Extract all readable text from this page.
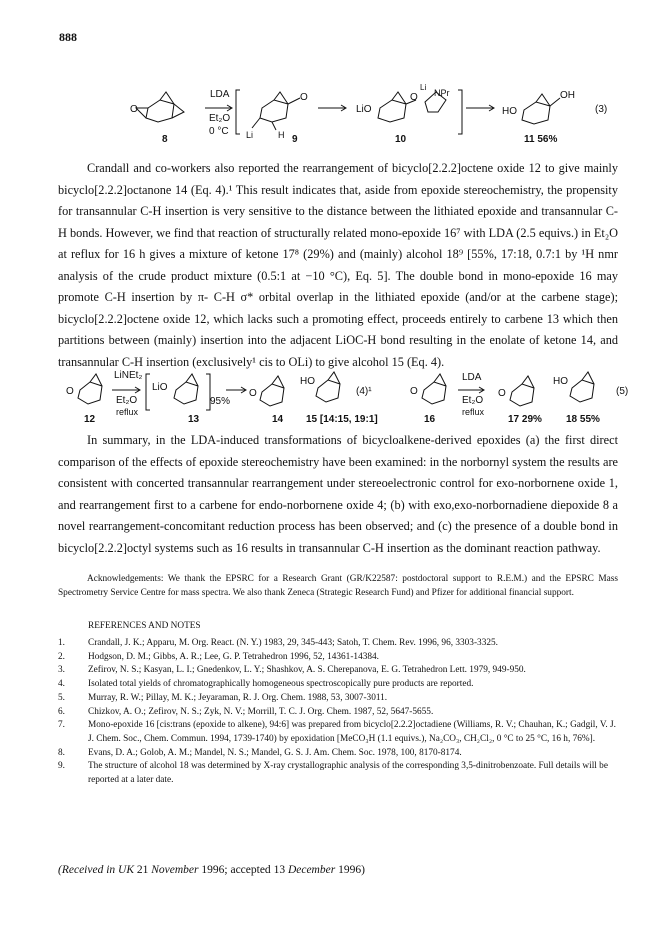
888
O
LDA
Et₂O
0 °C
8
O
Li	H 9
LiO
O
Li
NPr
10
HO
OH
11 56%
(3)

Crandall and co-workers also reported the rearrangement of bicyclo[2.2.2]octene oxide 12 to give mainly bicyclo[2.2.2]octanone 14 (Eq. 4).¹ This result indicates that, aside from epoxide stereochemistry, the propensity for transannular C-H insertion is very sensitive to the distance between the lithiated epoxide and transannular C-H bonds. However, we find that reaction of structurally related mono-epoxide 16⁷ with LDA (2.5 equivs.) in Et₂O at reflux for 16 h gives a mixture of ketone 17⁸ (29%) and (mainly) alcohol 18⁹ [55%, 17:18, 0.7:1 by ¹H nmr analysis of the crude product mixture (0.5:1 at −10 °C), Eq. 5]. The double bond in mono-epoxide 16 may promote C-H insertion by π- C-H σ* orbital overlap in the lithiated epoxide (and/or at the carbene stage); bicyclo[2.2.2]octene oxide 12, which lacks such a promoting effect, proceeds entirely to carbene 13 which then partitions between (mainly) insertion into the adjacent LiOC-H bond resulting in the enolate of ketone 14, and transannular C-H insertion (exclusively¹ cis to OLi) to give alcohol 15 (Eq. 4).

O
LiNEt₂
Et₂O
reflux
12
LiO
95%
13
O
14
HO
15 [14:15, 19:1]
(4)¹	O
LDA
Et₂O
reflux
16
O
17 29%
HO
18 55%
(5)

In summary, in the LDA-induced transformations of bicycloalkene-derived epoxides (a) the first direct comparison of the effects of epoxide stereochemistry have been examined: in the norbornyl system the results are consistent with concerted transannular rearrangement under stereoelectronic control for exo-norbornene oxide 1, and rearrangement first to a carbene for endo-norbornene oxide 4; (b) with exo,exo-norbornadiene diepoxide 8 a novel rearrangement-concomitant reduction process has been observed; and (c) the presence of a double bond in bicyclo[2.2.2]octyl systems such as 16 results in transannular C-H insertion as the dominant reaction pathway.

Acknowledgements: We thank the EPSRC for a Research Grant (GR/K22587: postdoctoral support to R.E.M.) and the EPSRC Mass Spectrometry Service Centre for mass spectra. We also thank Zeneca (Strategic Research Fund) and Pfizer for additional financial support.
REFERENCES AND NOTES
1.	Crandall, J. K.; Apparu, M. Org. React. (N. Y.) 1983, 29, 345-443; Satoh, T. Chem. Rev. 1996, 96, 3303-3325.
2.	Hodgson, D. M.; Gibbs, A. R.; Lee, G. P. Tetrahedron 1996, 52, 14361-14384.
3.	Zefirov, N. S.; Kasyan, L. I.; Gnedenkov, L. Y.; Shashkov, A. S. Cherepanova, E. G. Tetrahedron Lett. 1979, 949-950.
4.	Isolated total yields of chromatographically homogeneous spectroscopically pure products are reported.
5.	Murray, R. W.; Pillay, M. K.; Jeyaraman, R. J. Org. Chem. 1988, 53, 3007-3011.
6.	Chizkov, A. O.; Zefirov, N. S.; Zyk, N. V.; Morrill, T. C. J. Org. Chem. 1987, 52, 5647-5655.
7.	Mono-epoxide 16 [cis:trans (epoxide to alkene), 94:6] was prepared from bicyclo[2.2.2]octadiene (Williams, R. V.; Chauhan, K.; Gadgil, V. J. J. Chem. Soc., Chem. Commun. 1994, 1739-1740) by epoxidation [MeCO₃H (1.1 equivs.), Na₂CO₃, CH₂Cl₂, 0 °C to 25 °C, 16 h, 76%].
8.	Evans, D. A.; Golob, A. M.; Mandel, N. S.; Mandel, G. S. J. Am. Chem. Soc. 1978, 100, 8170-8174.
9.	The structure of alcohol 18 was determined by X-ray crystallographic analysis of the corresponding 3,5-dinitrobenzoate. Full details will be reported at a later date.
(Received in UK 21 November 1996; accepted 13 December 1996)
